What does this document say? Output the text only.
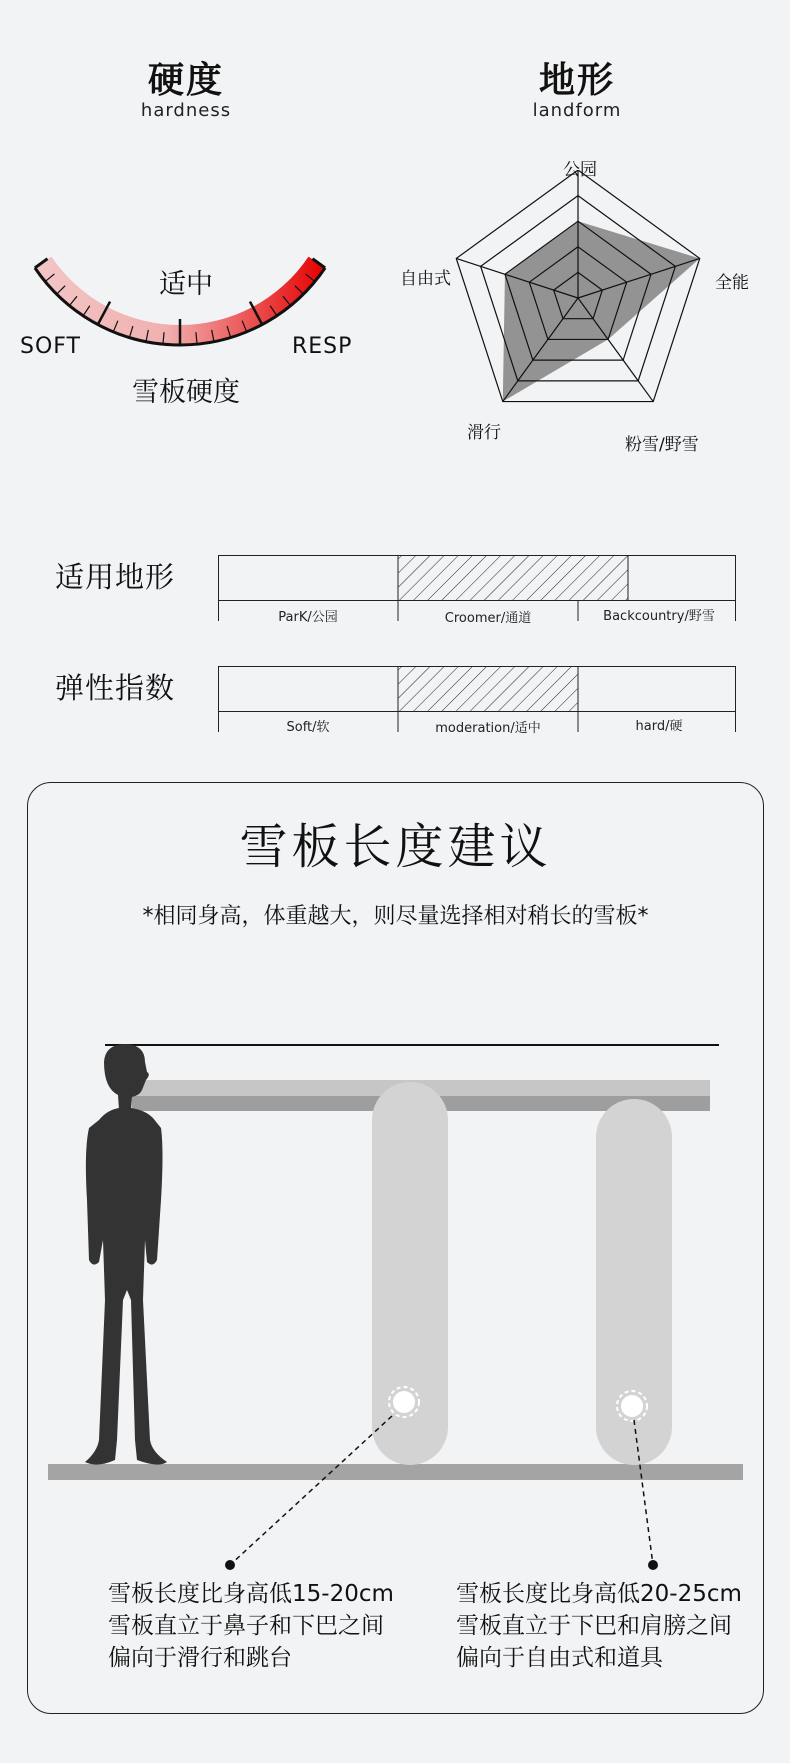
硬度
hardness
适中
SOFT	RESP
雪板硬度
地形
landform
公园
全能
粉雪/野雪
滑行
自由式
适用地形
ParK/公园	Croomer/通道	Backcountry/野雪
弹性指数
Soft/软	moderation/适中	hard/硬
雪板长度建议
*相同身高，体重越大，则尽量选择相对稍长的雪板*
雪板长度比身高低15-20cm
雪板直立于鼻子和下巴之间
偏向于滑行和跳台
雪板长度比身高低20-25cm
雪板直立于下巴和肩膀之间
偏向于自由式和道具
